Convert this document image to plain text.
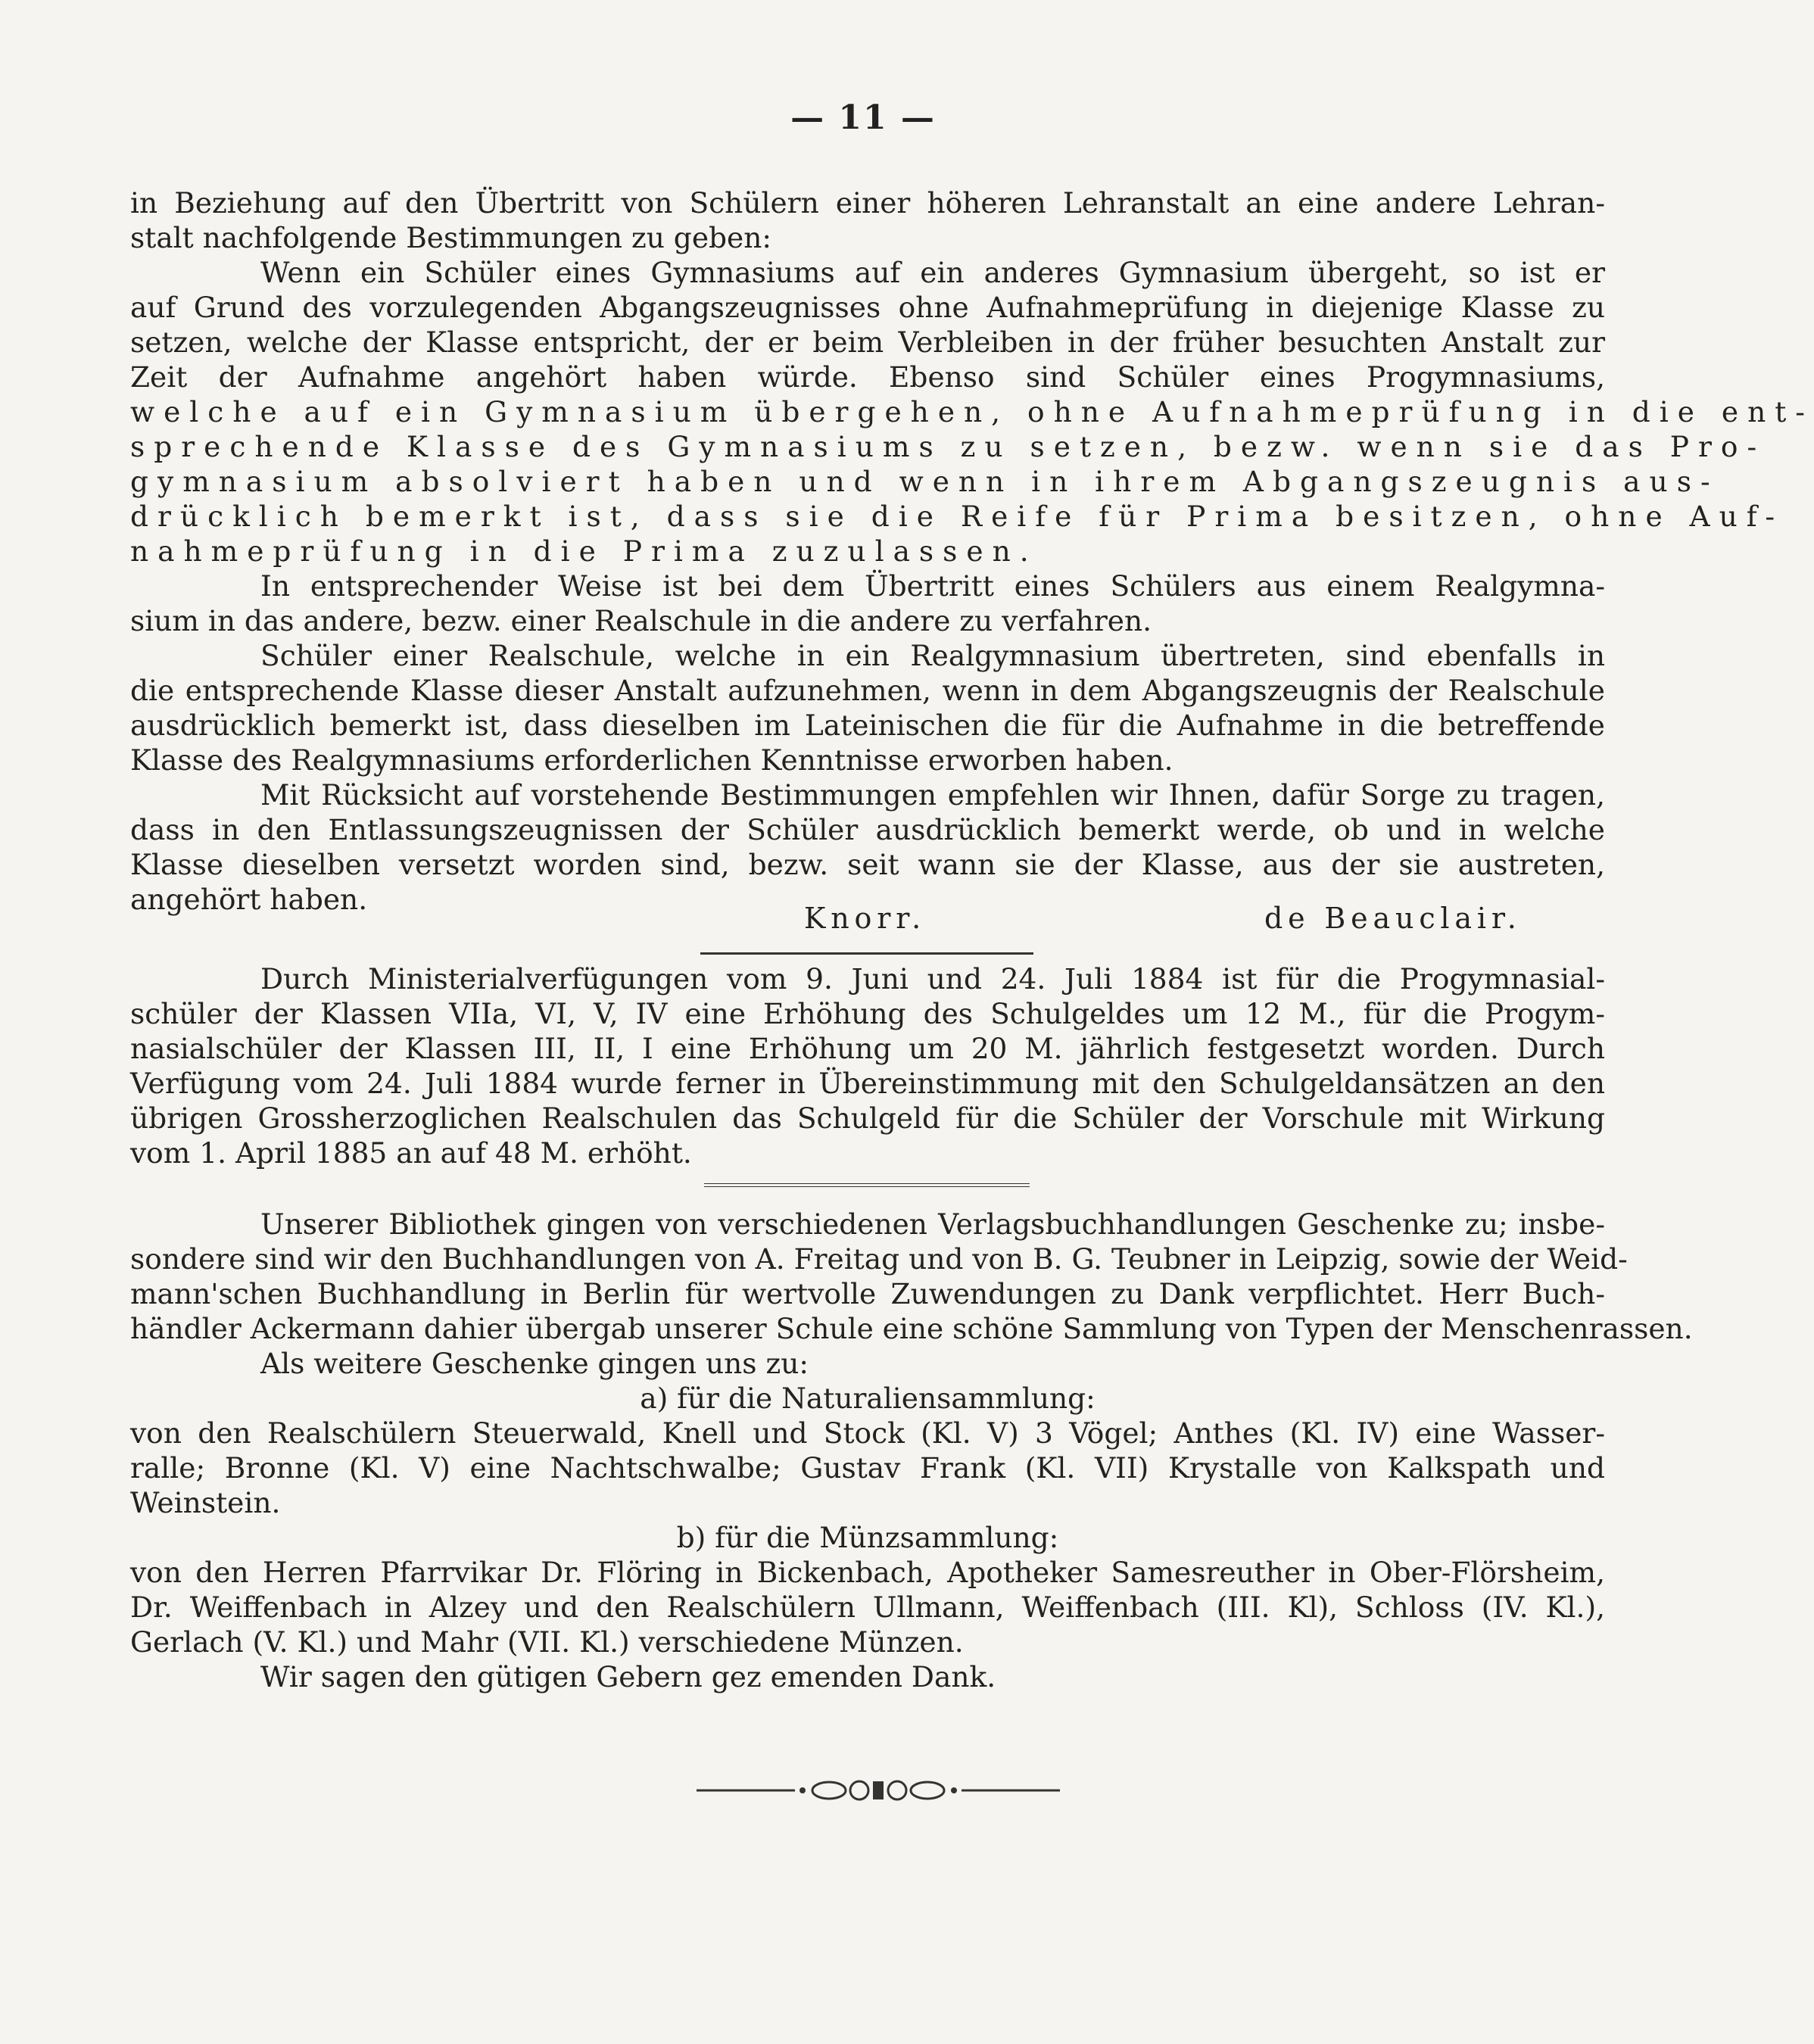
— 11 —
in Beziehung auf den Übertritt von Schülern einer höheren Lehranstalt an eine andere Lehran-
stalt nachfolgende Bestimmungen zu geben:
Wenn ein Schüler eines Gymnasiums auf ein anderes Gymnasium übergeht, so ist er
auf Grund des vorzulegenden Abgangszeugnisses ohne Aufnahmeprüfung in diejenige Klasse zu
setzen, welche der Klasse entspricht, der er beim Verbleiben in der früher besuchten Anstalt zur
Zeit der Aufnahme angehört haben würde. Ebenso sind Schüler eines Progymnasiums,
welche auf ein Gymnasium übergehen, ohne Aufnahmeprüfung in die ent-
sprechende Klasse des Gymnasiums zu setzen, bezw. wenn sie das Pro-
gymnasium absolviert haben und wenn in ihrem Abgangszeugnis aus-
drücklich bemerkt ist, dass sie die Reife für Prima besitzen, ohne Auf-
nahmeprüfung in die Prima zuzulassen.
In entsprechender Weise ist bei dem Übertritt eines Schülers aus einem Realgymna-
sium in das andere, bezw. einer Realschule in die andere zu verfahren.
Schüler einer Realschule, welche in ein Realgymnasium übertreten, sind ebenfalls in
die entsprechende Klasse dieser Anstalt aufzunehmen, wenn in dem Abgangszeugnis der Realschule
ausdrücklich bemerkt ist, dass dieselben im Lateinischen die für die Aufnahme in die betreffende
Klasse des Realgymnasiums erforderlichen Kenntnisse erworben haben.
Mit Rücksicht auf vorstehende Bestimmungen empfehlen wir Ihnen, dafür Sorge zu tragen,
dass in den Entlassungszeugnissen der Schüler ausdrücklich bemerkt werde, ob und in welche
Klasse dieselben versetzt worden sind, bezw. seit wann sie der Klasse, aus der sie austreten,
angehört haben.
Knorr.	de Beauclair.
Durch Ministerialverfügungen vom 9. Juni und 24. Juli 1884 ist für die Progymnasial-
schüler der Klassen VIIa, VI, V, IV eine Erhöhung des Schulgeldes um 12 M., für die Progym-
nasialschüler der Klassen III, II, I eine Erhöhung um 20 M. jährlich festgesetzt worden. Durch
Verfügung vom 24. Juli 1884 wurde ferner in Übereinstimmung mit den Schulgeldansätzen an den
übrigen Grossherzoglichen Realschulen das Schulgeld für die Schüler der Vorschule mit Wirkung
vom 1. April 1885 an auf 48 M. erhöht.
Unserer Bibliothek gingen von verschiedenen Verlagsbuchhandlungen Geschenke zu; insbe-
sondere sind wir den Buchhandlungen von A. Freitag und von B. G. Teubner in Leipzig, sowie der Weid-
mann'schen Buchhandlung in Berlin für wertvolle Zuwendungen zu Dank verpflichtet. Herr Buch-
händler Ackermann dahier übergab unserer Schule eine schöne Sammlung von Typen der Menschenrassen.
Als weitere Geschenke gingen uns zu:
a) für die Naturaliensammlung:
von den Realschülern Steuerwald, Knell und Stock (Kl. V) 3 Vögel; Anthes (Kl. IV) eine Wasser-
ralle; Bronne (Kl. V) eine Nachtschwalbe; Gustav Frank (Kl. VII) Krystalle von Kalkspath und
Weinstein.
b) für die Münzsammlung:
von den Herren Pfarrvikar Dr. Flöring in Bickenbach, Apotheker Samesreuther in Ober-Flörsheim,
Dr. Weiffenbach in Alzey und den Realschülern Ullmann, Weiffenbach (III. Kl), Schloss (IV. Kl.),
Gerlach (V. Kl.) und Mahr (VII. Kl.) verschiedene Münzen.
Wir sagen den gütigen Gebern gez emenden Dank.
